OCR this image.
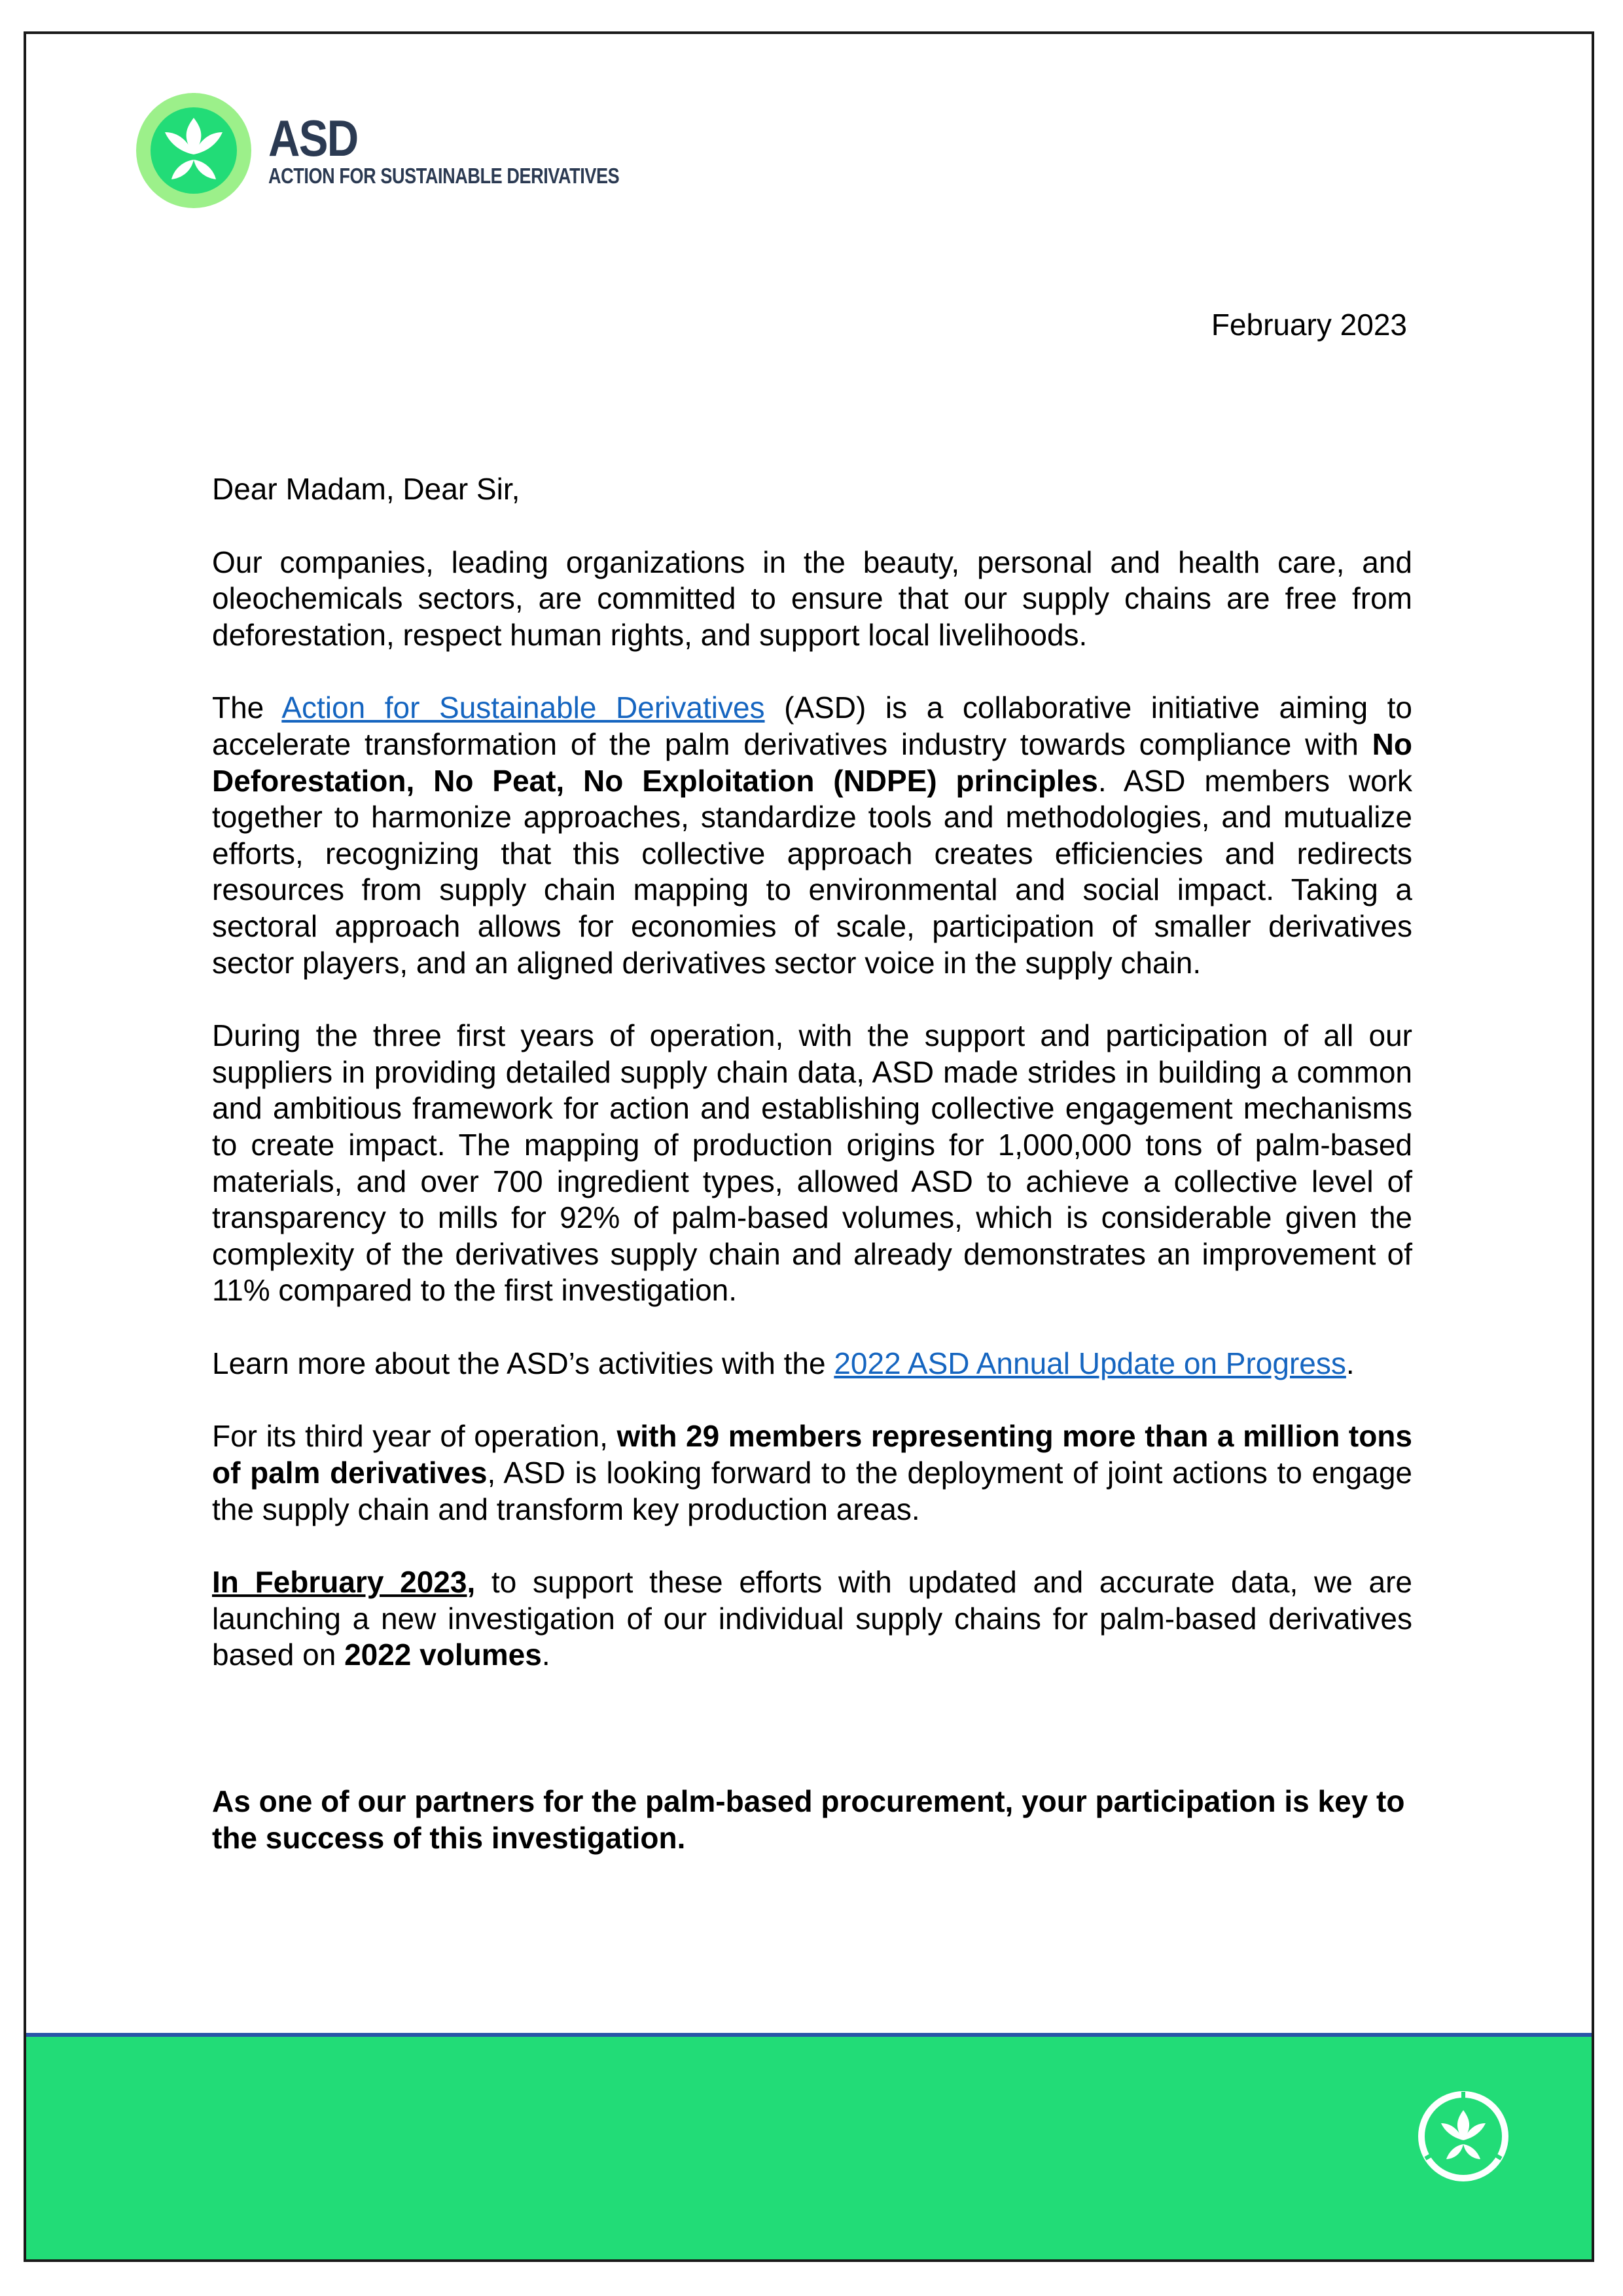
ASD
ACTION FOR SUSTAINABLE DERIVATIVES
February 2023

Dear Madam, Dear Sir,

Our companies, leading organizations in the beauty, personal and health care, and oleochemicals sectors, are committed to ensure that our supply chains are free from deforestation, respect human rights, and support local livelihoods.

The Action for Sustainable Derivatives (ASD) is a collaborative initiative aiming to accelerate transformation of the palm derivatives industry towards compliance with No Deforestation, No Peat, No Exploitation (NDPE) principles. ASD members work together to harmonize approaches, standardize tools and methodologies, and mutualize efforts, recognizing that this collective approach creates efficiencies and redirects resources from supply chain mapping to environmental and social impact. Taking a sectoral approach allows for economies of scale, participation of smaller derivatives sector players, and an aligned derivatives sector voice in the supply chain.

During the three first years of operation, with the support and participation of all our suppliers in providing detailed supply chain data, ASD made strides in building a common and ambitious framework for action and establishing collective engagement mechanisms to create impact. The mapping of production origins for 1,000,000 tons of palm-based materials, and over 700 ingredient types, allowed ASD to achieve a collective level of transparency to mills for 92% of palm-based volumes, which is considerable given the complexity of the derivatives supply chain and already demonstrates an improvement of 11% compared to the first investigation.

Learn more about the ASD’s activities with the 2022 ASD Annual Update on Progress.

For its third year of operation, with 29 members representing more than a million tons of palm derivatives, ASD is looking forward to the deployment of joint actions to engage the supply chain and transform key production areas.

In February 2023, to support these efforts with updated and accurate data, we are launching a new investigation of our individual supply chains for palm-based derivatives based on 2022 volumes.

As one of our partners for the palm-based procurement, your participation is key to the success of this investigation.
